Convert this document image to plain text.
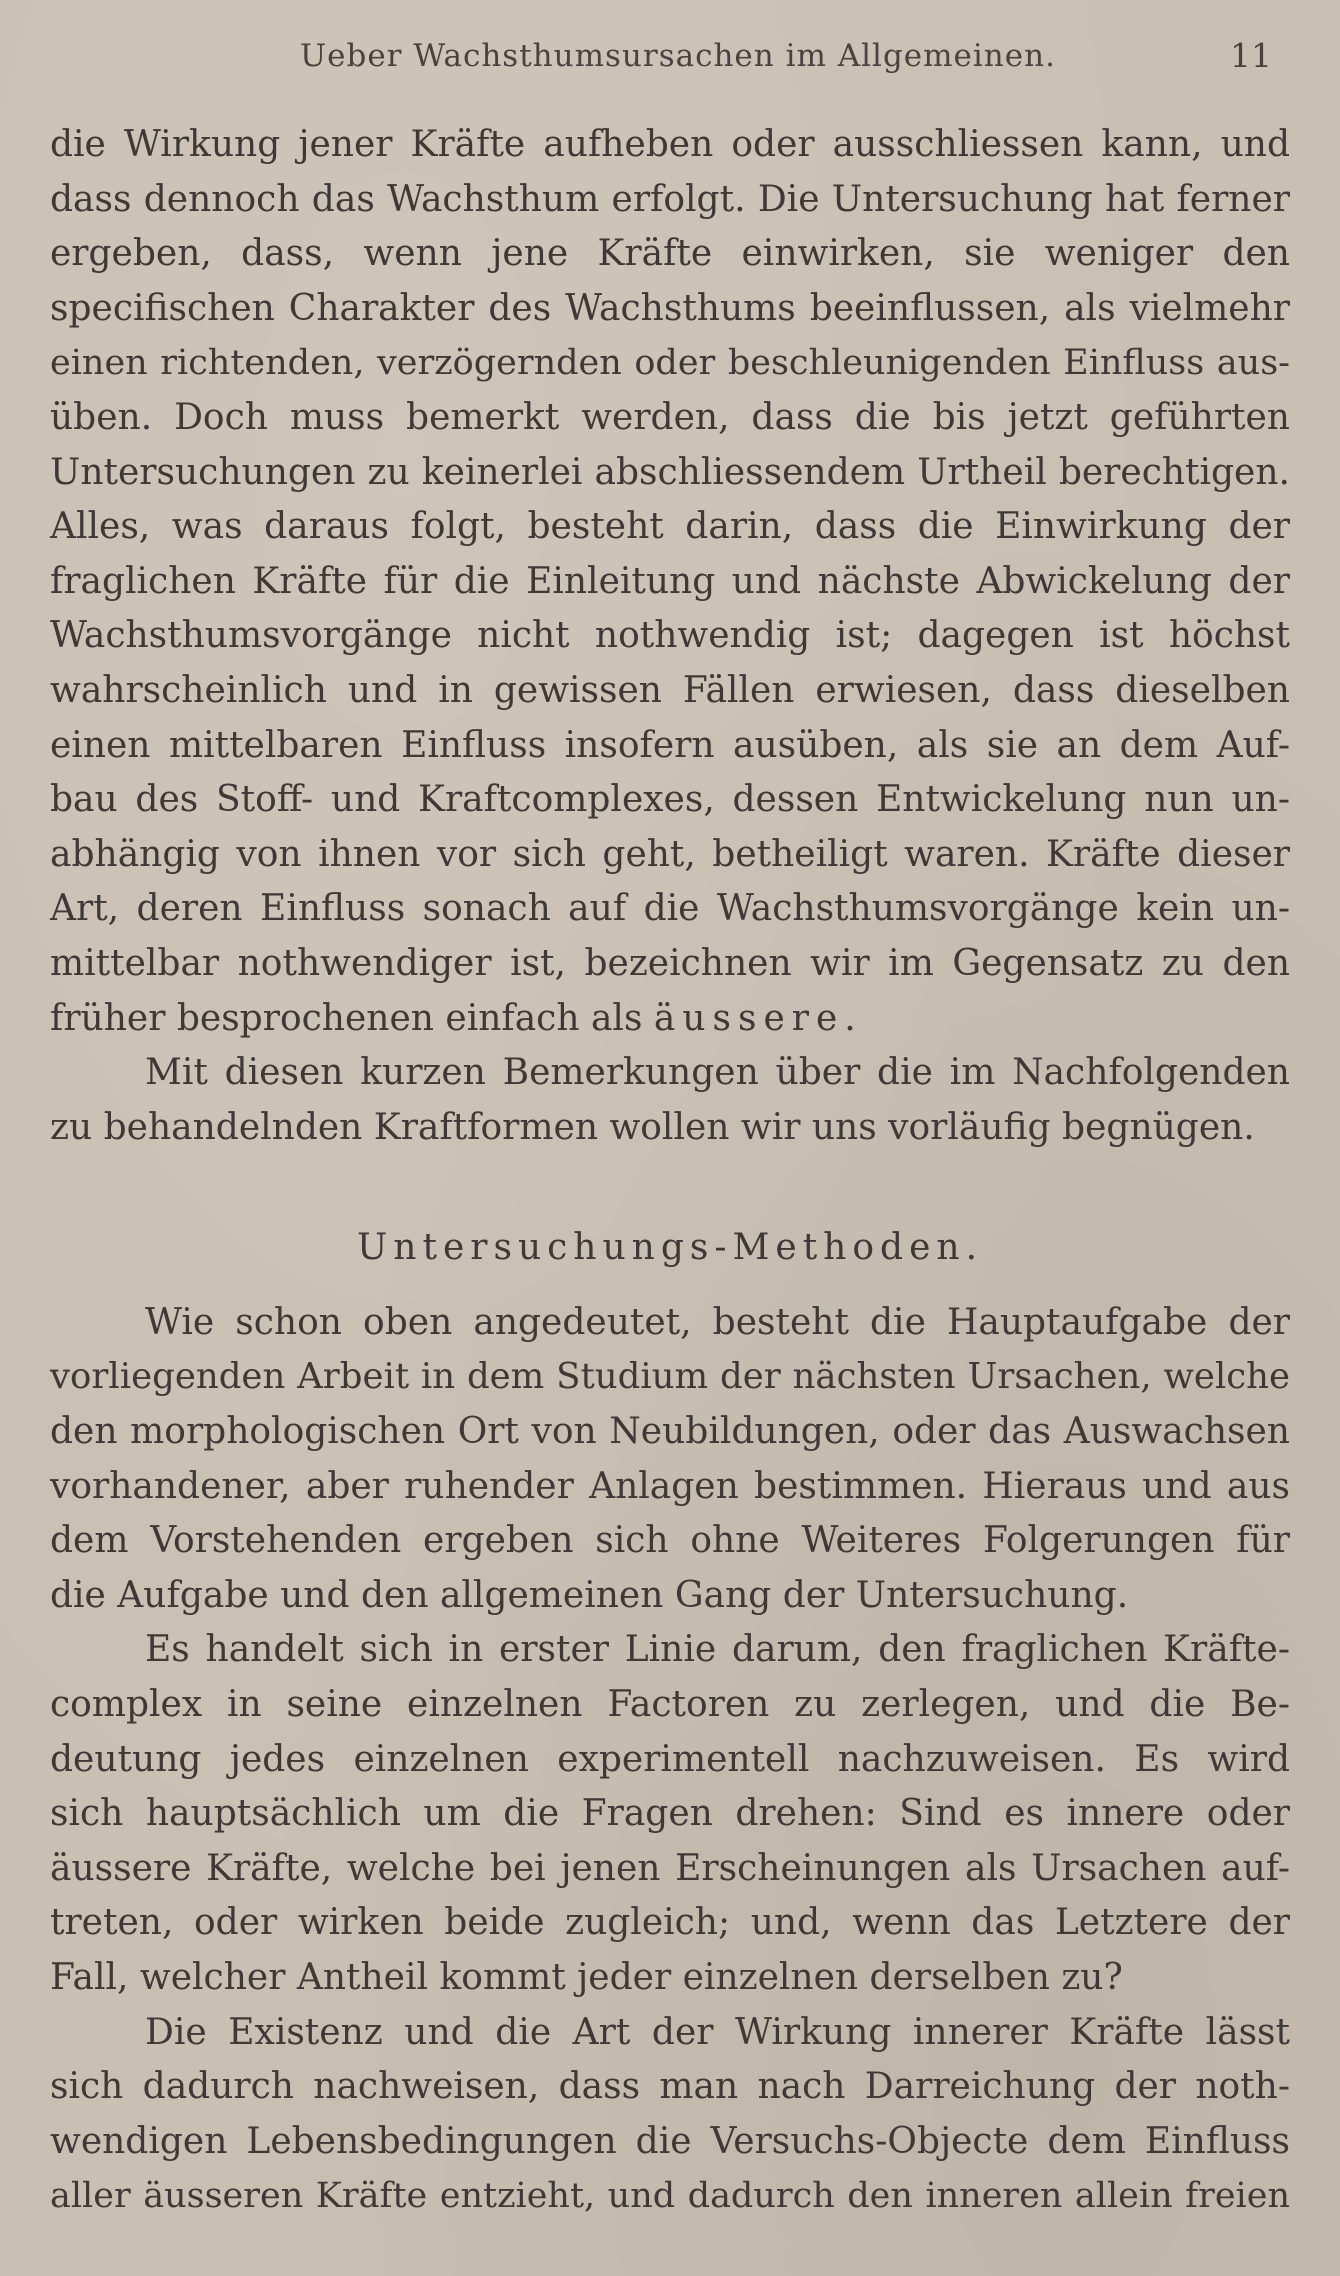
Ueber Wachsthumsursachen im Allgemeinen.	11
die Wirkung jener Kräfte aufheben oder ausschliessen kann, und
dass dennoch das Wachsthum erfolgt. Die Untersuchung hat ferner
ergeben, dass, wenn jene Kräfte einwirken, sie weniger den
specifischen Charakter des Wachsthums beeinflussen, als vielmehr
einen richtenden, verzögernden oder beschleunigenden Einfluss aus-
üben. Doch muss bemerkt werden, dass die bis jetzt geführten
Untersuchungen zu keinerlei abschliessendem Urtheil berechtigen.
Alles, was daraus folgt, besteht darin, dass die Einwirkung der
fraglichen Kräfte für die Einleitung und nächste Abwickelung der
Wachsthumsvorgänge nicht nothwendig ist; dagegen ist höchst
wahrscheinlich und in gewissen Fällen erwiesen, dass dieselben
einen mittelbaren Einfluss insofern ausüben, als sie an dem Auf-
bau des Stoff- und Kraftcomplexes, dessen Entwickelung nun un-
abhängig von ihnen vor sich geht, betheiligt waren. Kräfte dieser
Art, deren Einfluss sonach auf die Wachsthumsvorgänge kein un-
mittelbar nothwendiger ist, bezeichnen wir im Gegensatz zu den
früher besprochenen einfach als äussere.
Mit diesen kurzen Bemerkungen über die im Nachfolgenden
zu behandelnden Kraftformen wollen wir uns vorläufig begnügen.
Untersuchungs-Methoden.
Wie schon oben angedeutet, besteht die Hauptaufgabe der
vorliegenden Arbeit in dem Studium der nächsten Ursachen, welche
den morphologischen Ort von Neubildungen, oder das Auswachsen
vorhandener, aber ruhender Anlagen bestimmen. Hieraus und aus
dem Vorstehenden ergeben sich ohne Weiteres Folgerungen für
die Aufgabe und den allgemeinen Gang der Untersuchung.
Es handelt sich in erster Linie darum, den fraglichen Kräfte-
complex in seine einzelnen Factoren zu zerlegen, und die Be-
deutung jedes einzelnen experimentell nachzuweisen. Es wird
sich hauptsächlich um die Fragen drehen: Sind es innere oder
äussere Kräfte, welche bei jenen Erscheinungen als Ursachen auf-
treten, oder wirken beide zugleich; und, wenn das Letztere der
Fall, welcher Antheil kommt jeder einzelnen derselben zu?
Die Existenz und die Art der Wirkung innerer Kräfte lässt
sich dadurch nachweisen, dass man nach Darreichung der noth-
wendigen Lebensbedingungen die Versuchs-Objecte dem Einfluss
aller äusseren Kräfte entzieht, und dadurch den inneren allein freien
